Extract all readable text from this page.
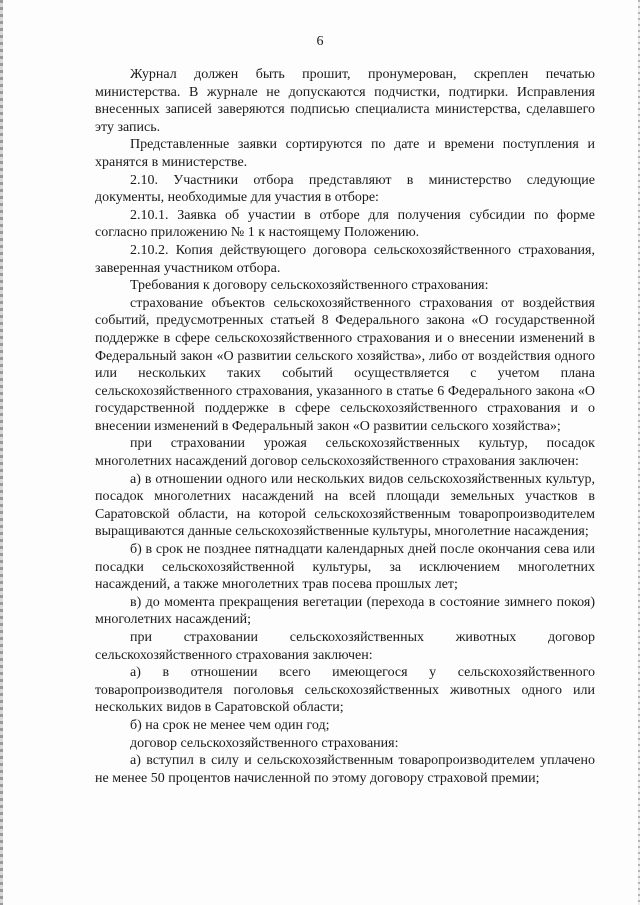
6

Журнал должен быть прошит, пронумерован, скреплен печатью министерства. В журнале не допускаются подчистки, подтирки. Исправления внесенных записей заверяются подписью специалиста министерства, сделавшего эту запись.

Представленные заявки сортируются по дате и времени поступления и хранятся в министерстве.

2.10. Участники отбора представляют в министерство следующие документы, необходимые для участия в отборе:

2.10.1. Заявка об участии в отборе для получения субсидии по форме согласно приложению № 1 к настоящему Положению.

2.10.2. Копия действующего договора сельскохозяйственного страхования, заверенная участником отбора.

Требования к договору сельскохозяйственного страхования:

страхование объектов сельскохозяйственного страхования от воздействия событий, предусмотренных статьей 8 Федерального закона «О государственной поддержке в сфере сельскохозяйственного страхования и о внесении изменений в Федеральный закон «О развитии сельского хозяйства», либо от воздействия одного или нескольких таких событий осуществляется с учетом плана сельскохозяйственного страхования, указанного в статье 6 Федерального закона «О государственной поддержке в сфере сельскохозяйственного страхования и о внесении изменений в Федеральный закон «О развитии сельского хозяйства»;

при страховании урожая сельскохозяйственных культур, посадок многолетних насаждений договор сельскохозяйственного страхования заключен:

а) в отношении одного или нескольких видов сельскохозяйственных культур, посадок многолетних насаждений на всей площади земельных участков в Саратовской области, на которой сельскохозяйственным товаропроизводителем выращиваются данные сельскохозяйственные культуры, многолетние насаждения;

б) в срок не позднее пятнадцати календарных дней после окончания сева или посадки сельскохозяйственной культуры, за исключением многолетних насаждений, а также многолетних трав посева прошлых лет;

в) до момента прекращения вегетации (перехода в состояние зимнего покоя) многолетних насаждений;

при страховании сельскохозяйственных животных договор сельскохозяйственного страхования заключен:

а) в отношении всего имеющегося у сельскохозяйственного товаропроизводителя поголовья сельскохозяйственных животных одного или нескольких видов в Саратовской области;

б) на срок не менее чем один год;

договор сельскохозяйственного страхования:

а) вступил в силу и сельскохозяйственным товаропроизводителем уплачено не менее 50 процентов начисленной по этому договору страховой премии;
